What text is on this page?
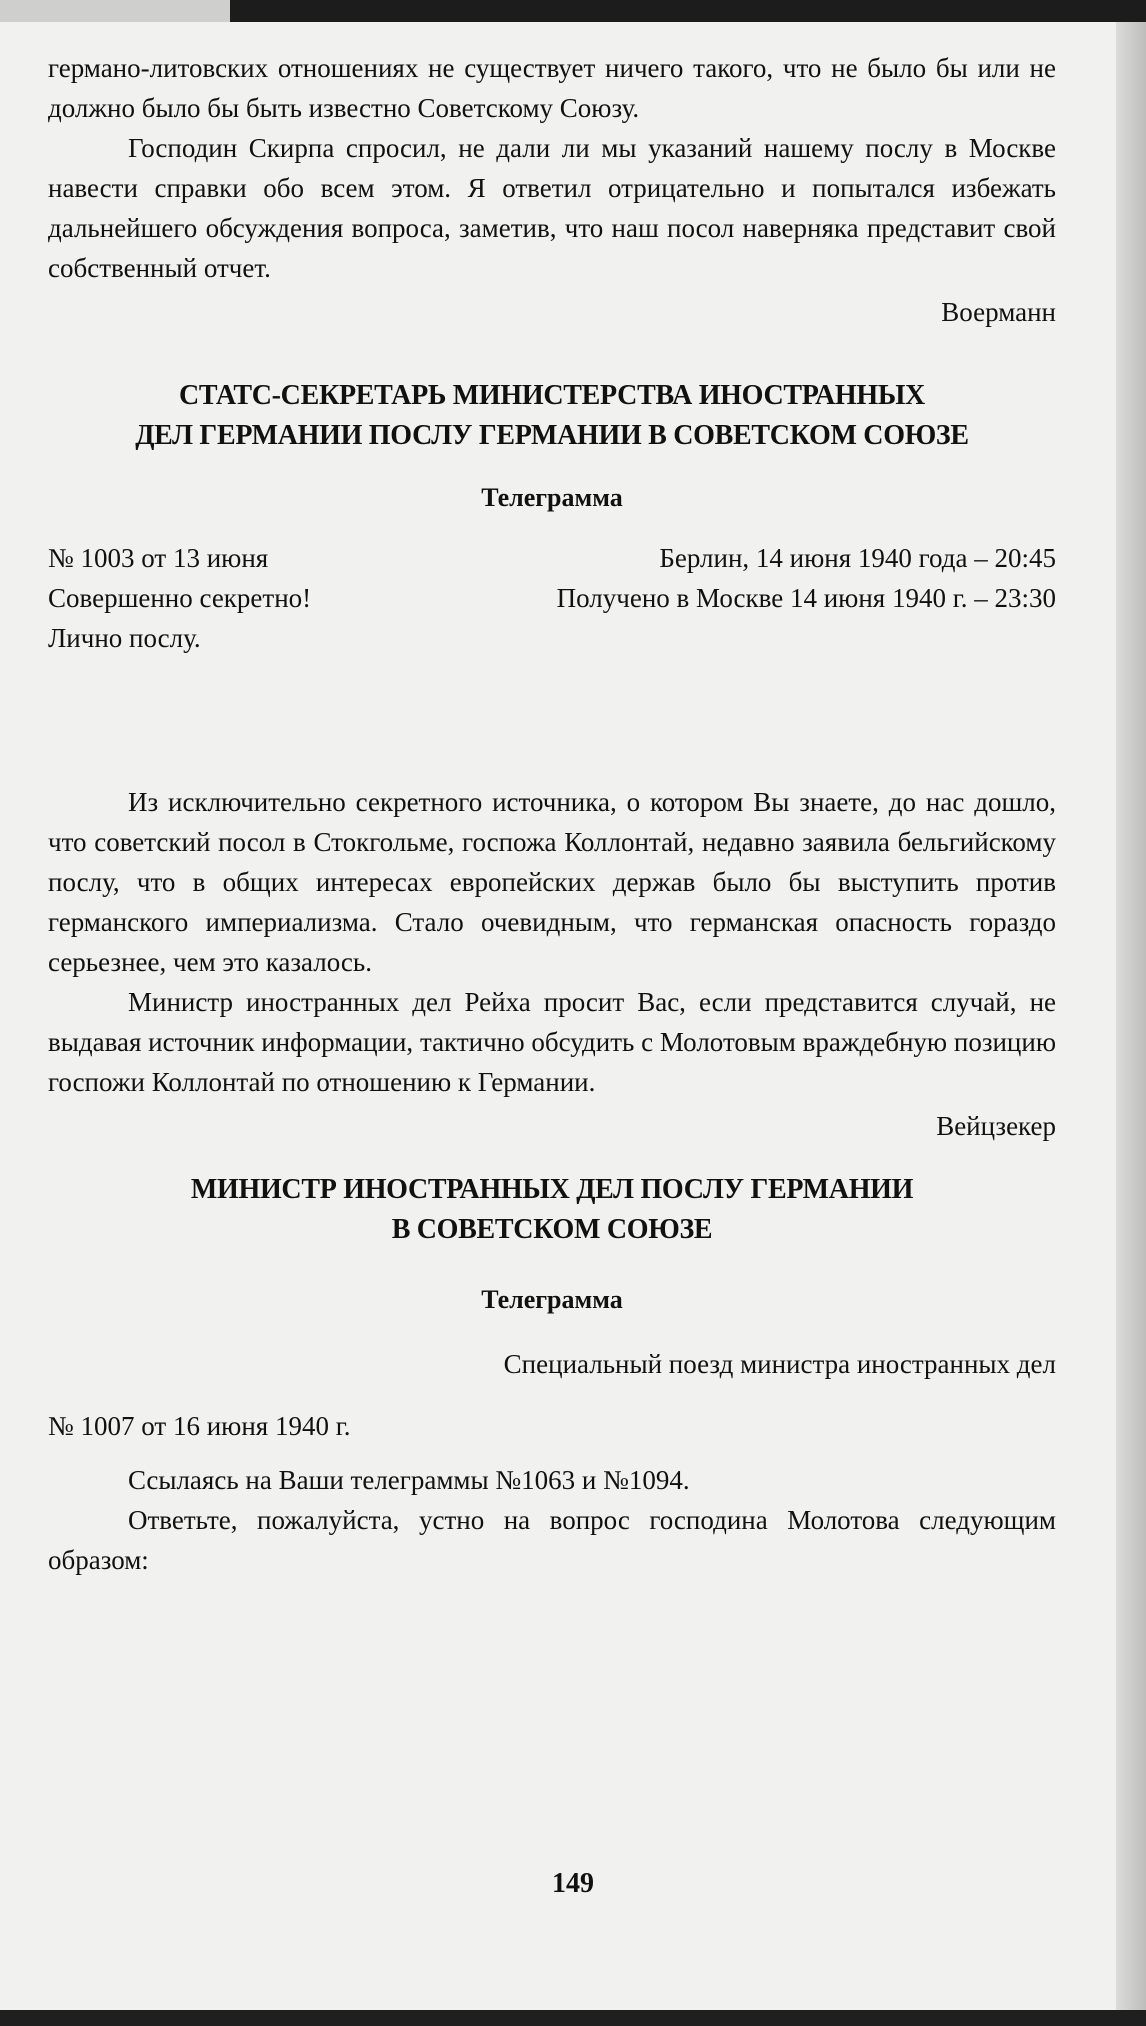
германо-литовских отношениях не существует ничего такого, что не было бы или не должно было бы быть известно Советскому Союзу.

Господин Скирпа спросил, не дали ли мы указаний нашему послу в Москве навести справки обо всем этом. Я ответил отрицательно и попытался избежать дальнейшего обсуждения вопроса, заметив, что наш посол наверняка представит свой собственный отчет.

Воерманн
СТАТС-СЕКРЕТАРЬ МИНИСТЕРСТВА ИНОСТРАННЫХ
ДЕЛ ГЕРМАНИИ ПОСЛУ ГЕРМАНИИ В СОВЕТСКОМ СОЮЗЕ
Телеграмма
№ 1003 от 13 июня	Берлин, 14 июня 1940 года – 20:45
Совершенно секретно!	Получено в Москве 14 июня 1940 г. – 23:30
Лично послу.

Из исключительно секретного источника, о котором Вы знаете, до нас дошло, что советский посол в Стокгольме, госпожа Коллонтай, недавно заявила бельгийскому послу, что в общих интересах европейских держав было бы выступить против германского империализма. Стало очевидным, что германская опасность гораздо серьезнее, чем это казалось.

Министр иностранных дел Рейха просит Вас, если представится случай, не выдавая источник информации, тактично обсудить с Молотовым враждебную позицию госпожи Коллонтай по отношению к Германии.

Вейцзекер
МИНИСТР ИНОСТРАННЫХ ДЕЛ ПОСЛУ ГЕРМАНИИ
В СОВЕТСКОМ СОЮЗЕ
Телеграмма
Специальный поезд министра иностранных дел
№ 1007 от 16 июня 1940 г.

Ссылаясь на Ваши телеграммы №1063 и №1094.

Ответьте, пожалуйста, устно на вопрос господина Молотова следующим образом:

149
